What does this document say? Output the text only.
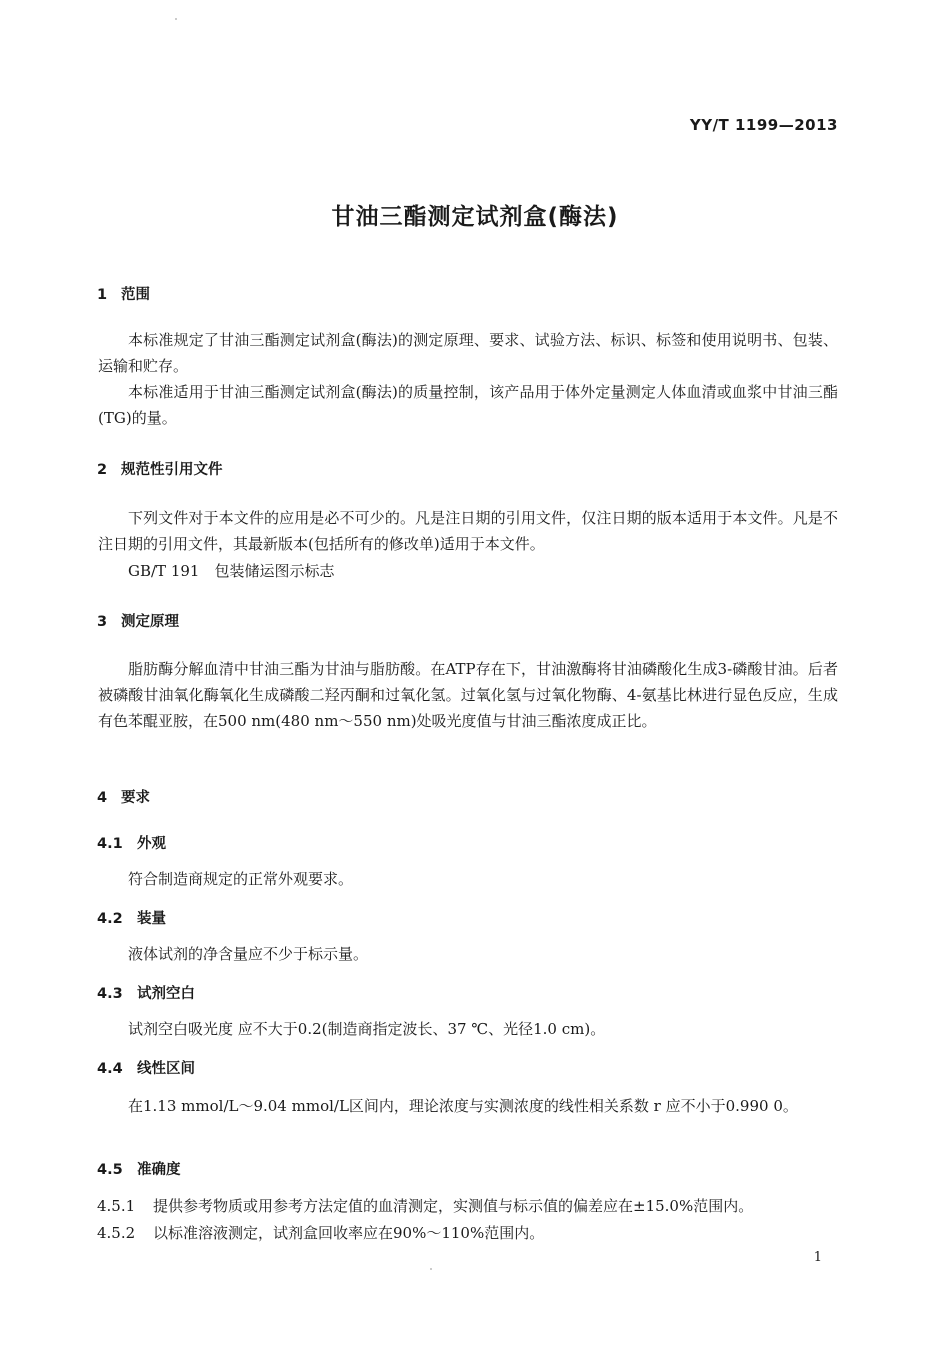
YY/T 1199—2013
甘油三酯测定试剂盒(酶法)
1 范围
本标准规定了甘油三酯测定试剂盒(酶法)的测定原理、要求、试验方法、标识、标签和使用说明书、包装、运输和贮存。
本标准适用于甘油三酯测定试剂盒(酶法)的质量控制，该产品用于体外定量测定人体血清或血浆中甘油三酯(TG)的量。
2 规范性引用文件
下列文件对于本文件的应用是必不可少的。凡是注日期的引用文件，仅注日期的版本适用于本文件。凡是不注日期的引用文件，其最新版本(包括所有的修改单)适用于本文件。
GB/T 191　包装储运图示标志
3 测定原理
脂肪酶分解血清中甘油三酯为甘油与脂肪酸。在ATP存在下，甘油激酶将甘油磷酸化生成3-磷酸甘油。后者被磷酸甘油氧化酶氧化生成磷酸二羟丙酮和过氧化氢。过氧化氢与过氧化物酶、4-氨基比林进行显色反应，生成有色苯醌亚胺，在500 nm(480 nm～550 nm)处吸光度值与甘油三酯浓度成正比。
4 要求
4.1 外观
符合制造商规定的正常外观要求。
4.2 装量
液体试剂的净含量应不少于标示量。
4.3 试剂空白
试剂空白吸光度 应不大于0.2(制造商指定波长、37 ℃、光径1.0 cm)。
4.4 线性区间
在1.13 mmol/L～9.04 mmol/L区间内，理论浓度与实测浓度的线性相关系数 r 应不小于0.990 0。
4.5 准确度
4.5.1 提供参考物质或用参考方法定值的血清测定，实测值与标示值的偏差应在±15.0%范围内。
4.5.2 以标准溶液测定，试剂盒回收率应在90%～110%范围内。
1
